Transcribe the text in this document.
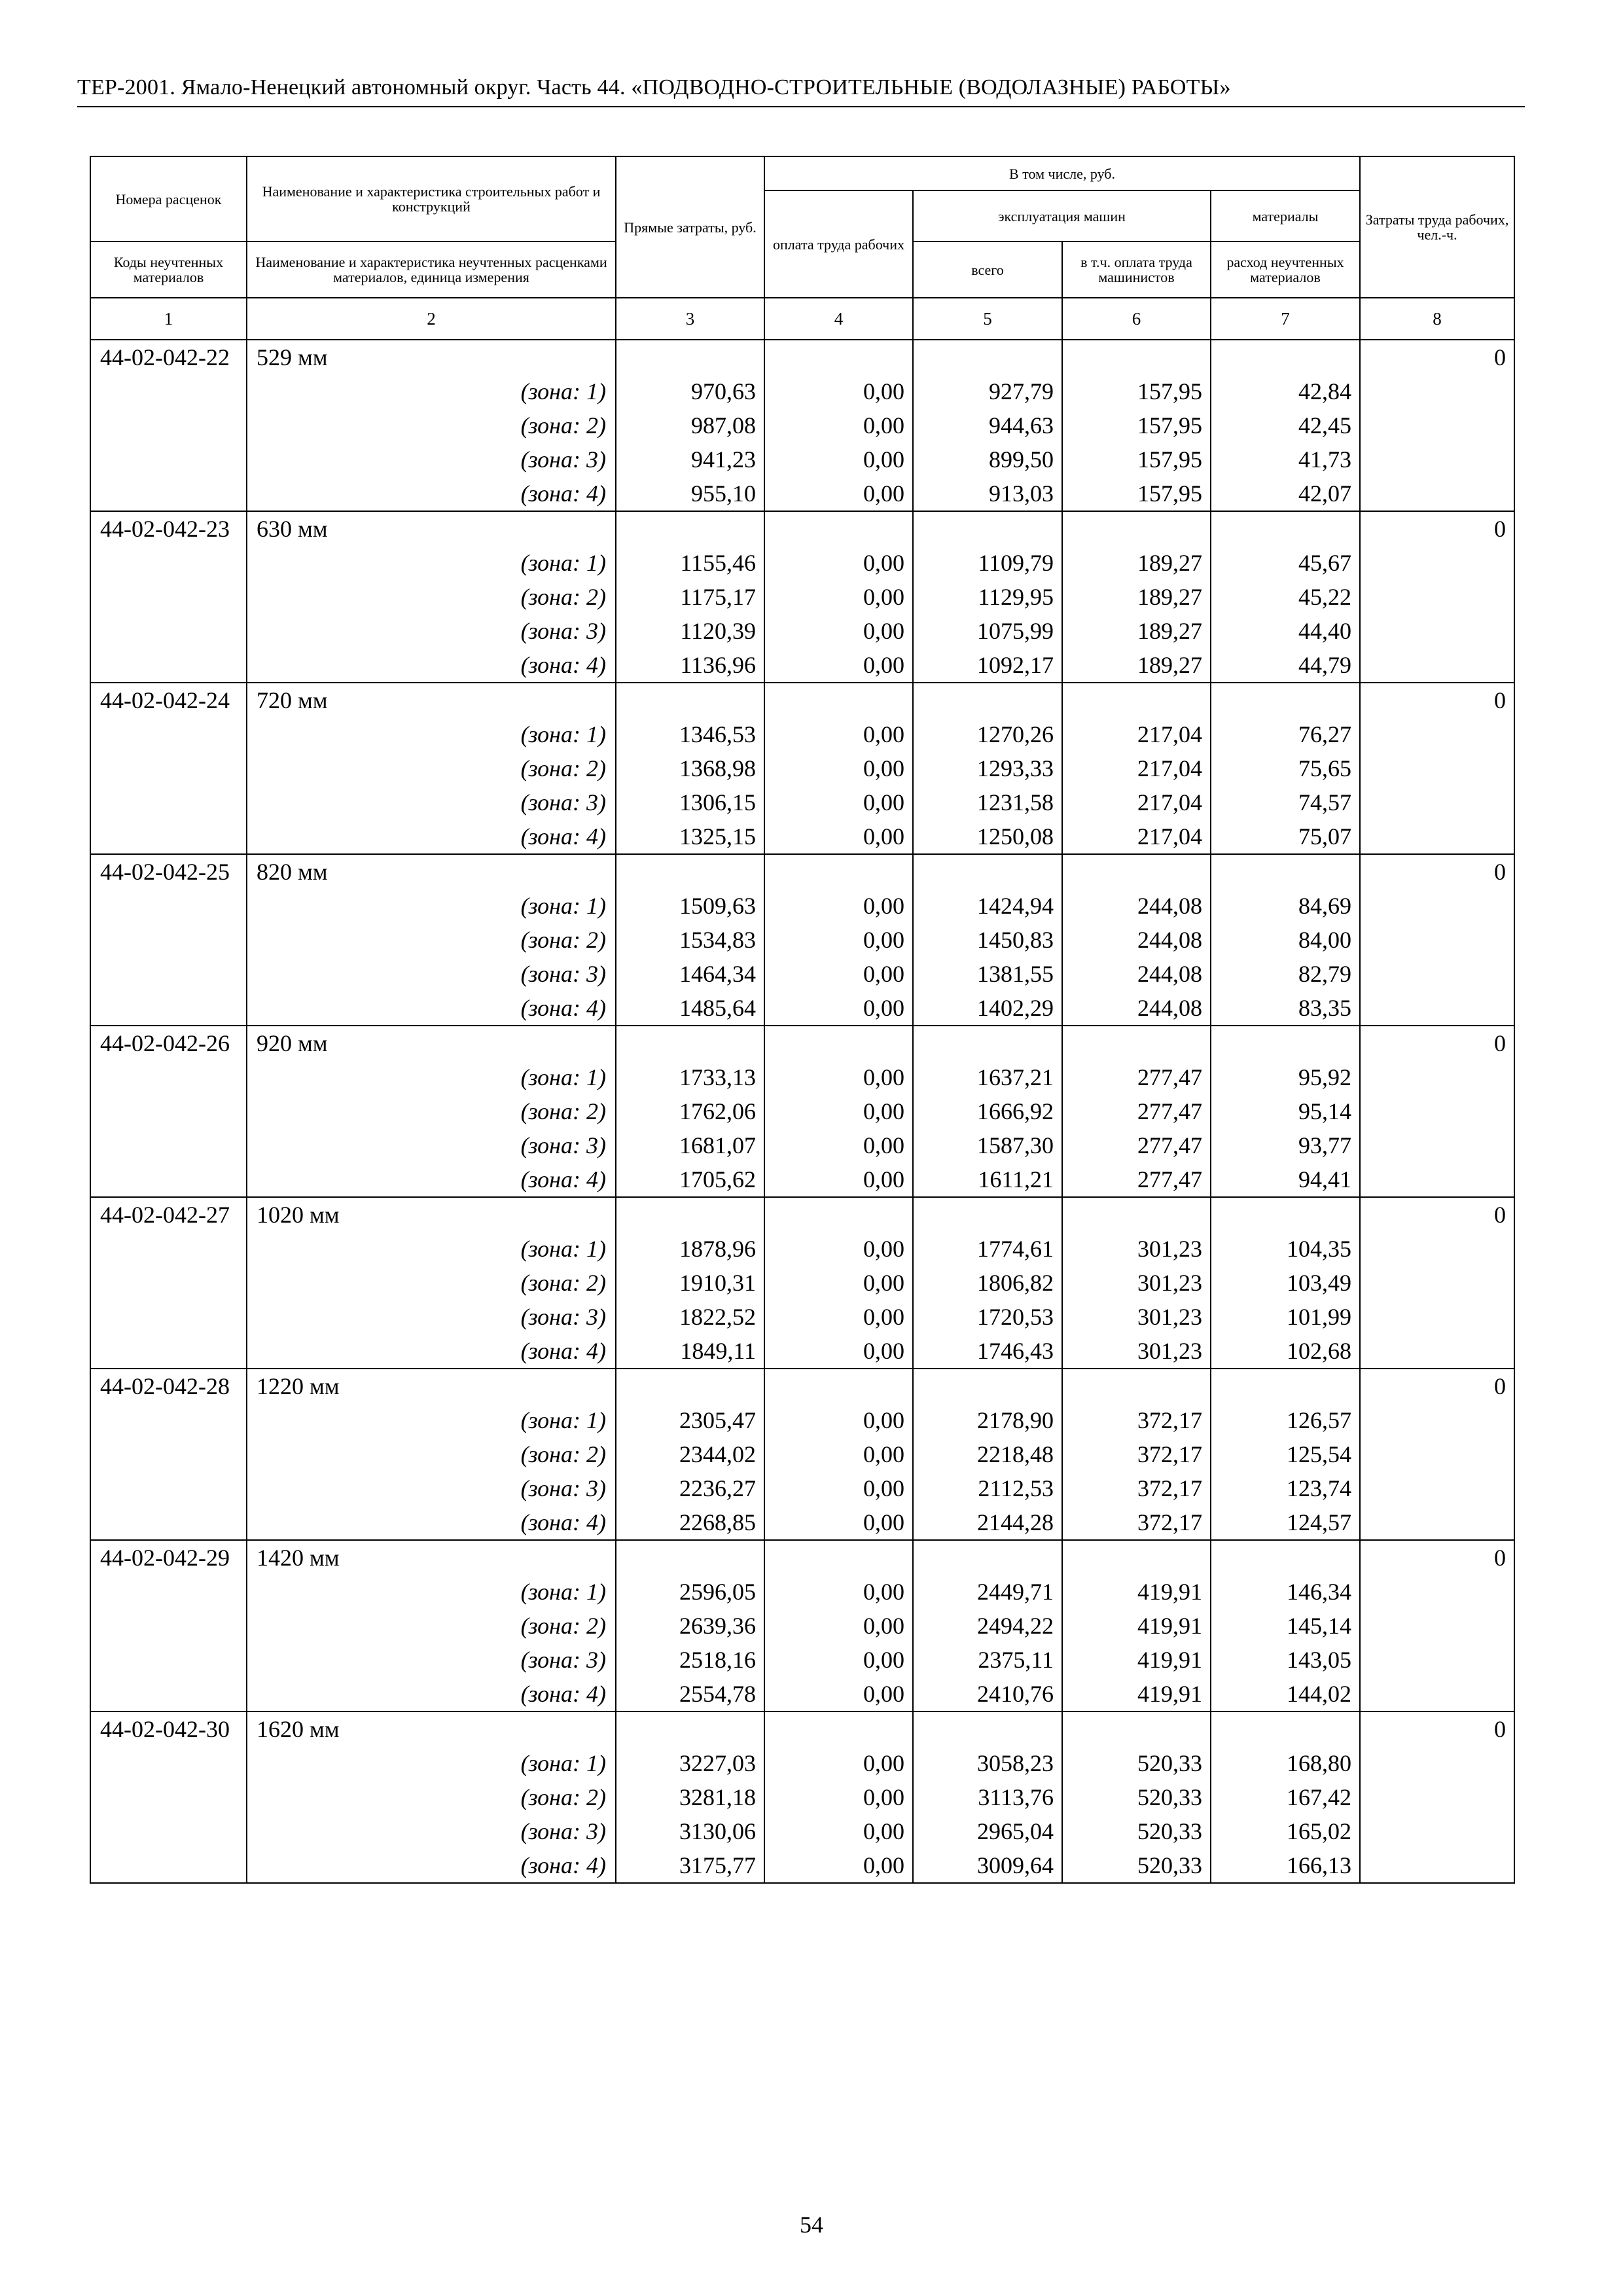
ТЕР-2001. Ямало-Ненецкий автономный округ. Часть 44. «ПОДВОДНО-СТРОИТЕЛЬНЫЕ (ВОДОЛАЗНЫЕ) РАБОТЫ»
Номера расценок	Наименование и характеристика строительных работ и конструкций	Прямые затраты, руб.	В том числе, руб.				Затраты труда рабочих, чел.-ч.
			оплата труда рабочих	эксплуатация машин		материалы	
Коды неучтенных материалов	Наименование и характеристика неучтенных расценками материалов, единица измерения			всего	в т.ч. оплата труда машинистов	расход неучтенных материалов	
1	2	3	4	5	6	7	8
44-02-042-22	529 мм						0
	(зона: 1)	970,63	0,00	927,79	157,95	42,84	
	(зона: 2)	987,08	0,00	944,63	157,95	42,45	
	(зона: 3)	941,23	0,00	899,50	157,95	41,73	
	(зона: 4)	955,10	0,00	913,03	157,95	42,07	
44-02-042-23	630 мм						0
	(зона: 1)	1155,46	0,00	1109,79	189,27	45,67	
	(зона: 2)	1175,17	0,00	1129,95	189,27	45,22	
	(зона: 3)	1120,39	0,00	1075,99	189,27	44,40	
	(зона: 4)	1136,96	0,00	1092,17	189,27	44,79	
44-02-042-24	720 мм						0
	(зона: 1)	1346,53	0,00	1270,26	217,04	76,27	
	(зона: 2)	1368,98	0,00	1293,33	217,04	75,65	
	(зона: 3)	1306,15	0,00	1231,58	217,04	74,57	
	(зона: 4)	1325,15	0,00	1250,08	217,04	75,07	
44-02-042-25	820 мм						0
	(зона: 1)	1509,63	0,00	1424,94	244,08	84,69	
	(зона: 2)	1534,83	0,00	1450,83	244,08	84,00	
	(зона: 3)	1464,34	0,00	1381,55	244,08	82,79	
	(зона: 4)	1485,64	0,00	1402,29	244,08	83,35	
44-02-042-26	920 мм						0
	(зона: 1)	1733,13	0,00	1637,21	277,47	95,92	
	(зона: 2)	1762,06	0,00	1666,92	277,47	95,14	
	(зона: 3)	1681,07	0,00	1587,30	277,47	93,77	
	(зона: 4)	1705,62	0,00	1611,21	277,47	94,41	
44-02-042-27	1020 мм						0
	(зона: 1)	1878,96	0,00	1774,61	301,23	104,35	
	(зона: 2)	1910,31	0,00	1806,82	301,23	103,49	
	(зона: 3)	1822,52	0,00	1720,53	301,23	101,99	
	(зона: 4)	1849,11	0,00	1746,43	301,23	102,68	
44-02-042-28	1220 мм						0
	(зона: 1)	2305,47	0,00	2178,90	372,17	126,57	
	(зона: 2)	2344,02	0,00	2218,48	372,17	125,54	
	(зона: 3)	2236,27	0,00	2112,53	372,17	123,74	
	(зона: 4)	2268,85	0,00	2144,28	372,17	124,57	
44-02-042-29	1420 мм						0
	(зона: 1)	2596,05	0,00	2449,71	419,91	146,34	
	(зона: 2)	2639,36	0,00	2494,22	419,91	145,14	
	(зона: 3)	2518,16	0,00	2375,11	419,91	143,05	
	(зона: 4)	2554,78	0,00	2410,76	419,91	144,02	
44-02-042-30	1620 мм						0
	(зона: 1)	3227,03	0,00	3058,23	520,33	168,80	
	(зона: 2)	3281,18	0,00	3113,76	520,33	167,42	
	(зона: 3)	3130,06	0,00	2965,04	520,33	165,02	
	(зона: 4)	3175,77	0,00	3009,64	520,33	166,13	
54
